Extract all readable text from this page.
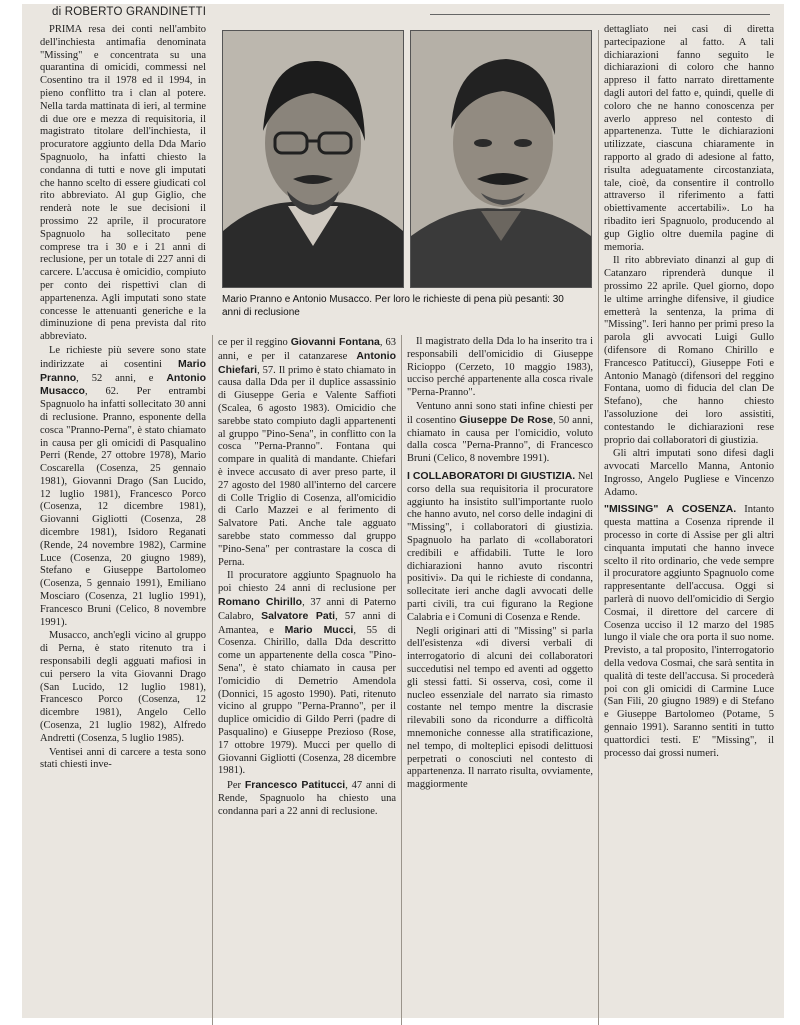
di ROBERTO GRANDINETTI
Mario Pranno e Antonio Musacco. Per loro le richieste di pena più pesanti: 30 anni di reclusione

PRIMA resa dei conti nell'ambito dell'inchiesta antimafia denominata "Missing" e concentrata su una quarantina di omicidi, commessi nel Cosentino tra il 1978 ed il 1994, in pieno conflitto tra i clan al potere. Nella tarda mattinata di ieri, al termine di due ore e mezza di requisitoria, il magistrato titolare dell'inchiesta, il procuratore aggiunto della Dda Mario Spagnuolo, ha infatti chiesto la condanna di tutti e nove gli imputati che hanno scelto di essere giudicati col rito abbreviato. Al gup Giglio, che renderà note le sue decisioni il prossimo 22 aprile, il procuratore Spagnuolo ha sollecitato pene comprese tra i 30 e i 21 anni di reclusione, per un totale di 227 anni di carcere. L'accusa è omicidio, compiuto per conto dei rispettivi clan di appartenenza. Agli imputati sono state concesse le attenuanti generiche e la diminuzione di pena prevista dal rito abbreviato.

Le richieste più severe sono state indirizzate ai cosentini Mario Pranno, 52 anni, e Antonio Musacco, 62. Per entrambi Spagnuolo ha infatti sollecitato 30 anni di reclusione. Pranno, esponente della cosca "Pranno-Perna", è stato chiamato in causa per gli omicidi di Pasqualino Perri (Rende, 27 ottobre 1978), Mario Coscarella (Cosenza, 25 gennaio 1981), Giovanni Drago (San Lucido, 12 luglio 1981), Francesco Porco (Cosenza, 12 dicembre 1981), Giovanni Gigliotti (Cosenza, 28 dicembre 1981), Isidoro Reganati (Rende, 24 novembre 1982), Carmine Luce (Cosenza, 20 giugno 1989), Stefano e Giuseppe Bartolomeo (Cosenza, 5 gennaio 1991), Emiliano Mosciaro (Cosenza, 21 luglio 1991), Francesco Bruni (Celico, 8 novembre 1991).

Musacco, anch'egli vicino al gruppo di Perna, è stato ritenuto tra i responsabili degli agguati mafiosi in cui persero la vita Giovanni Drago (San Lucido, 12 luglio 1981), Francesco Porco (Cosenza, 12 dicembre 1981), Angelo Cello (Cosenza, 21 luglio 1982), Alfredo Andretti (Cosenza, 5 luglio 1985).

Ventisei anni di carcere a testa sono stati chiesti inve-

ce per il reggino Giovanni Fontana, 63 anni, e per il catanzarese Antonio Chiefari, 57. Il primo è stato chiamato in causa dalla Dda per il duplice assassinio di Giuseppe Geria e Valente Saffioti (Scalea, 6 agosto 1983). Omicidio che sarebbe stato compiuto dagli appartenenti al gruppo "Pino-Sena", in conflitto con la cosca "Perna-Pranno". Fontana qui compare in qualità di mandante. Chiefari è invece accusato di aver preso parte, il 27 agosto del 1980 all'interno del carcere di Colle Triglio di Cosenza, all'omicidio di Carlo Mazzei e al ferimento di Salvatore Pati. Anche tale agguato sarebbe stato commesso dal gruppo "Pino-Sena" per contrastare la cosca di Perna.

Il procuratore aggiunto Spagnuolo ha poi chiesto 24 anni di reclusione per Romano Chirillo, 37 anni di Paterno Calabro, Salvatore Pati, 57 anni di Amantea, e Mario Mucci, 55 di Cosenza. Chirillo, dalla Dda descritto come un appartenente della cosca "Pino-Sena", è stato chiamato in causa per l'omicidio di Demetrio Amendola (Donnici, 15 agosto 1990). Pati, ritenuto vicino al gruppo "Perna-Pranno", per il duplice omicidio di Gildo Perri (padre di Pasqualino) e Giuseppe Prezioso (Rose, 17 ottobre 1979). Mucci per quello di Giovanni Gigliotti (Cosenza, 28 dicembre 1981).

Per Francesco Patitucci, 47 anni di Rende, Spagnuolo ha chiesto una condanna pari a 22 anni di reclusione.

Il magistrato della Dda lo ha inserito tra i responsabili dell'omicidio di Giuseppe Ricioppo (Cerzeto, 10 maggio 1983), ucciso perché appartenente alla cosca rivale "Perna-Pranno".

Ventuno anni sono stati infine chiesti per il cosentino Giuseppe De Rose, 50 anni, chiamato in causa per l'omicidio, voluto dalla cosca "Perna-Pranno", di Francesco Bruni (Celico, 8 novembre 1991).

I COLLABORATORI DI GIUSTIZIA. Nel corso della sua requisitoria il procuratore aggiunto ha insistito sull'importante ruolo che hanno avuto, nel corso delle indagini di "Missing", i collaboratori di giustizia. Spagnuolo ha parlato di «collaboratori credibili e affidabili. Tutte le loro dichiarazioni hanno avuto riscontri positivi». Da qui le richieste di condanna, sollecitate ieri anche dagli avvocati delle parti civili, tra cui figurano la Regione Calabria e i Comuni di Cosenza e Rende.

Negli originari atti di "Missing" si parla dell'esistenza «di diversi verbali di interrogatorio di alcuni dei collaboratori succedutisi nel tempo ed aventi ad oggetto gli stessi fatti. Si osserva, così, come il nucleo essenziale del narrato sia rimasto costante nel tempo mentre la discrasie rilevabili sono da ricondurre a difficoltà mnemoniche connesse alla stratificazione, nel tempo, di molteplici episodi delittuosi perpetrati o conosciuti nel contesto di appartenenza. Il narrato risulta, ovviamente, maggiormente

dettagliato nei casi di diretta partecipazione al fatto. A tali dichiarazioni fanno seguito le dichiarazioni di coloro che hanno appreso il fatto narrato direttamente dagli autori del fatto e, quindi, quelle di coloro che ne hanno conoscenza per averlo appreso nel contesto di appartenenza. Tutte le dichiarazioni utilizzate, ciascuna chiaramente in rapporto al grado di adesione al fatto, risulta adeguatamente circostanziata, tale, cioè, da consentire il controllo attraverso il riferimento a fatti obiettivamente accertabili». Lo ha ribadito ieri Spagnuolo, producendo al gup Giglio oltre duemila pagine di memoria.

Il rito abbreviato dinanzi al gup di Catanzaro riprenderà dunque il prossimo 22 aprile. Quel giorno, dopo le ultime arringhe difensive, il giudice emetterà la sentenza, la prima di "Missing". Ieri hanno per primi preso la parola gli avvocati Luigi Gullo (difensore di Romano Chirillo e Francesco Patitucci), Giuseppe Foti e Antonio Managò (difensori del reggino Fontana, uomo di fiducia del clan De Stefano), che hanno chiesto l'assoluzione dei loro assistiti, contestando le dichiarazioni rese proprio dai collaboratori di giustizia.

Gli altri imputati sono difesi dagli avvocati Marcello Manna, Antonio Ingrosso, Angelo Pugliese e Vincenzo Adamo.

"MISSING" A COSENZA. Intanto questa mattina a Cosenza riprende il processo in corte di Assise per gli altri cinquanta imputati che hanno invece scelto il rito ordinario, che vede sempre il procuratore aggiunto Spagnuolo come rappresentante dell'accusa. Oggi si parlerà di nuovo dell'omicidio di Sergio Cosmai, il direttore del carcere di Cosenza ucciso il 12 marzo del 1985 lungo il viale che ora porta il suo nome. Previsto, a tal proposito, l'interrogatorio della vedova Cosmai, che sarà sentita in qualità di teste dell'accusa. Si procederà poi con gli omicidi di Carmine Luce (San Fili, 20 giugno 1989) e di Stefano e Giuseppe Bartolomeo (Potame, 5 gennaio 1991). Saranno sentiti in tutto quattordici testi. E' "Missing", il processo dai grossi numeri.
